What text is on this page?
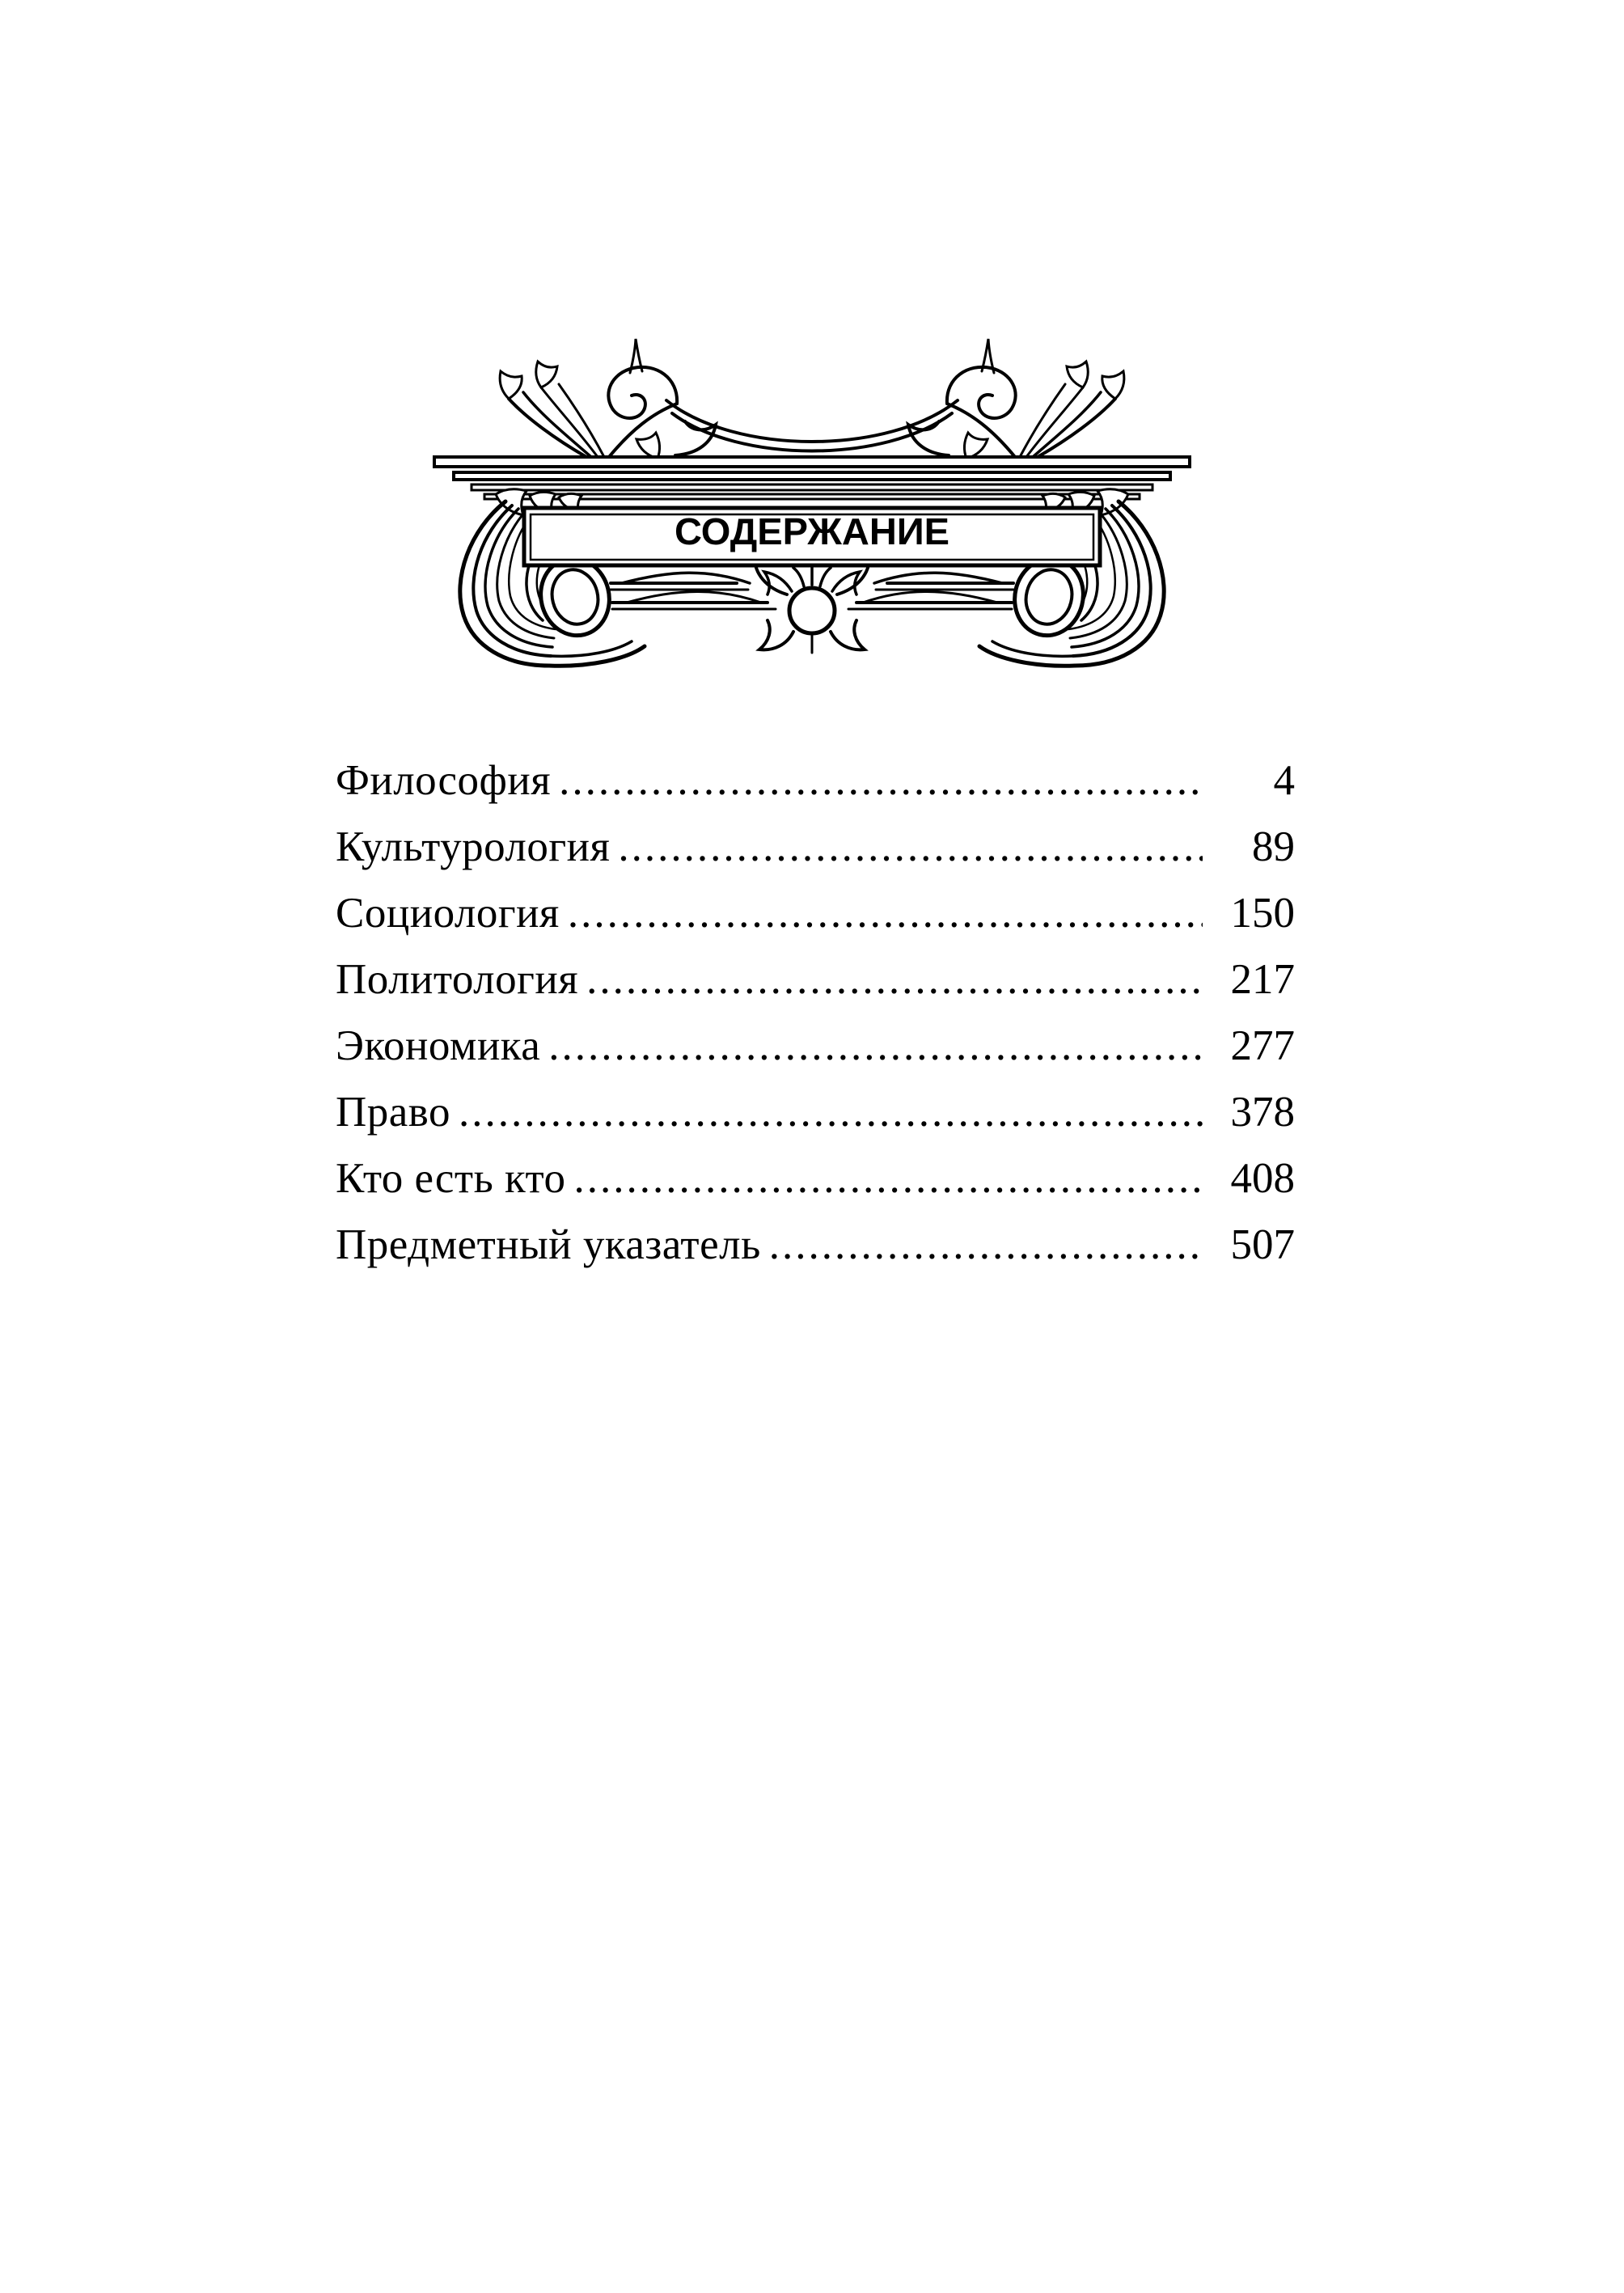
СОДЕРЖАНИЕ
Философия .....	4
Культурология .....	89
Социология .....	150
Политология .....	217
Экономика .....	277
Право .....	378
Кто есть кто .....	408
Предметный указатель .....	507
